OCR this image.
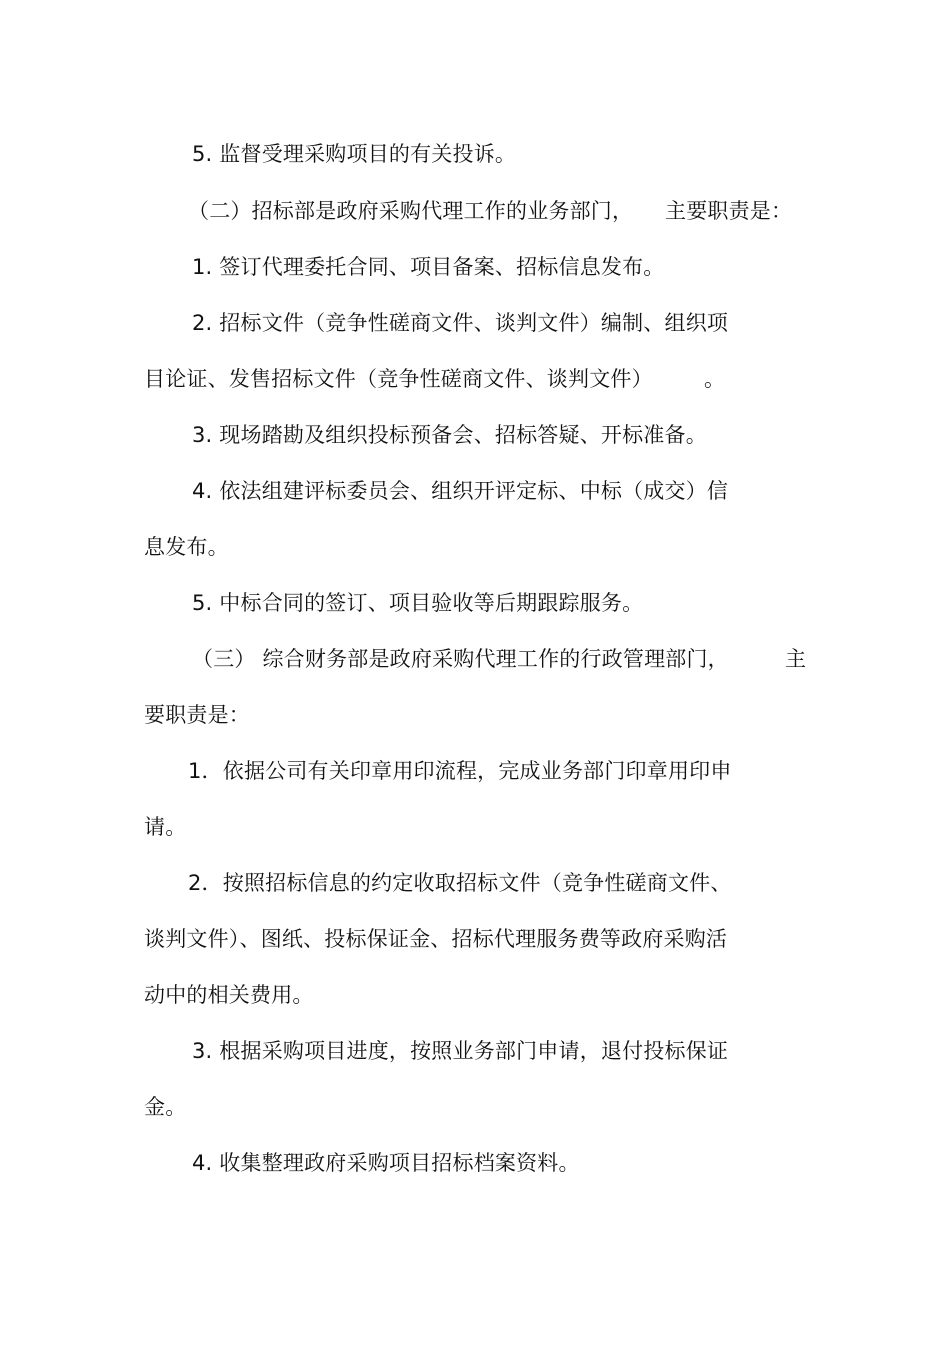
5. 监督受理采购项目的有关投诉。
（二）招标部是政府采购代理工作的业务部门， 主要职责是：
1. 签订代理委托合同、项目备案、招标信息发布。
2. 招标文件（竞争性磋商文件、谈判文件）编制、组织项
目论证、发售招标文件（竞争性磋商文件、谈判文件） 。
3. 现场踏勘及组织投标预备会、招标答疑、开标准备。
4. 依法组建评标委员会、组织开评定标、中标（成交）信
息发布。
5. 中标合同的签订、项目验收等后期跟踪服务。
（三） 综合财务部是政府采购代理工作的行政管理部门，	主
要职责是：
1．依据公司有关印章用印流程，完成业务部门印章用印申
请。
2．按照招标信息的约定收取招标文件（竞争性磋商文件、
谈判文件）、图纸、投标保证金、招标代理服务费等政府采购活
动中的相关费用。
3. 根据采购项目进度，按照业务部门申请，退付投标保证
金。
4. 收集整理政府采购项目招标档案资料。
